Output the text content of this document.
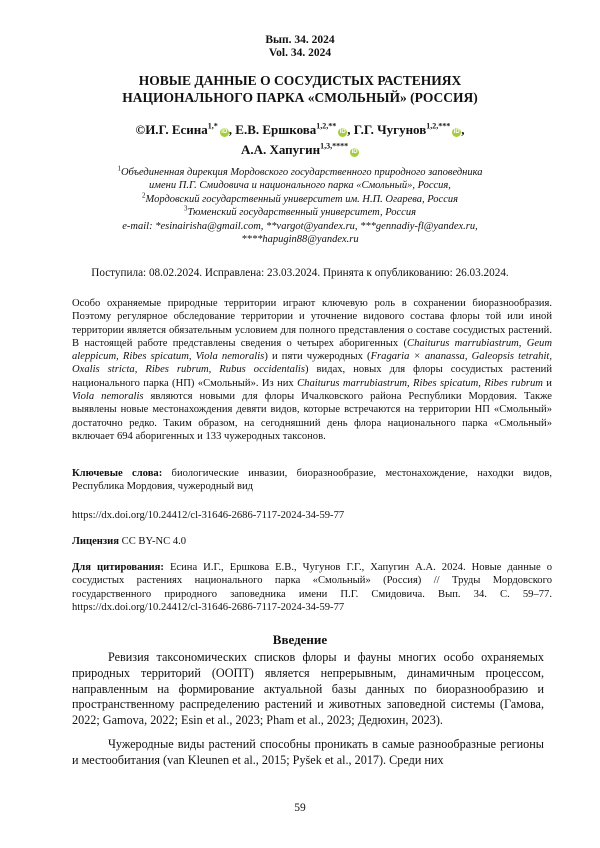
Вып. 34. 2024
Vol. 34. 2024
НОВЫЕ ДАННЫЕ О СОСУДИСТЫХ РАСТЕНИЯХ
НАЦИОНАЛЬНОГО ПАРКА «СМОЛЬНЫЙ» (РОССИЯ)
©И.Г. Есина$^{1,*}$iD , Е.В. Ершкова$^{1,2,**}$iD , Г.Г. Чугунов$^{1,2,***}$iD ,
А.А. Хапугин$^{1,3,****}$iD
$^1$Объединенная дирекция Мордовского государственного природного заповедника
имени П.Г. Смидовича и национального парка «Смольный», Россия,
$^2$Мордовский государственный университет им. Н.П. Огарева, Россия
$^3$Тюменский государственный университет, Россия
e-mail: *esinairisha@gmail.com, **vargot@yandex.ru, ***gennadiy-fl@yandex.ru,
****hapugin88@yandex.ru
Поступила: 08.02.2024. Исправлена: 23.03.2024. Принята к опубликованию: 26.03.2024.

Особо охраняемые природные территории играют ключевую роль в сохранении биоразнообразия. Поэтому регулярное обследование территории и уточнение видового состава флоры той или иной территории является обязательным условием для полного представления о составе сосудистых растений. В настоящей работе представлены сведения о четырех аборигенных (Chaiturus marrubiastrum, Geum aleppicum, Ribes spicatum, Viola nemoralis) и пяти чужеродных (Fragaria × ananassa, Galeopsis tetrahit, Oxalis stricta, Ribes rubrum, Rubus occidentalis) видах, новых для флоры сосудистых растений национального парка (НП) «Смольный». Из них Chaiturus marrubiastrum, Ribes spicatum, Ribes rubrum и Viola nemoralis являются новыми для флоры Ичалковского района Республики Мордовия. Также выявлены новые местонахождения девяти видов, которые встречаются на территории НП «Смольный» достаточно редко. Таким образом, на сегодняшний день флора национального парка «Смольный» включает 694 аборигенных и 133 чужеродных таксонов.

Ключевые слова: биологические инвазии, биоразнообразие, местонахождение, находки видов, Республика Мордовия, чужеродный вид

https://dx.doi.org/10.24412/cl-31646-2686-7117-2024-34-59-77
Лицензия CC BY-NC 4.0

Для цитирования: Есина И.Г., Ершкова Е.В., Чугунов Г.Г., Хапугин А.А. 2024. Новые данные о сосудистых растениях национального парка «Смольный» (Россия) // Труды Мордовского государственного природного заповедника имени П.Г. Смидовича. Вып. 34. С. 59–77. https://dx.doi.org/10.24412/cl-31646-2686-7117-2024-34-59-77

Введение

Ревизия таксономических списков флоры и фауны многих особо охраняемых природных территорий (ООПТ) является непрерывным, динамичным процессом, направленным на формирование актуальной базы данных по биоразнообразию и пространственному распределению растений и животных заповедной системы (Гамова, 2022; Gamova, 2022; Esin et al., 2023; Pham et al., 2023; Дедюхин, 2023).

Чужеродные виды растений способны проникать в самые разнообразные регионы и местообитания (van Kleunen et al., 2015; Pyšek et al., 2017). Среди них

59
